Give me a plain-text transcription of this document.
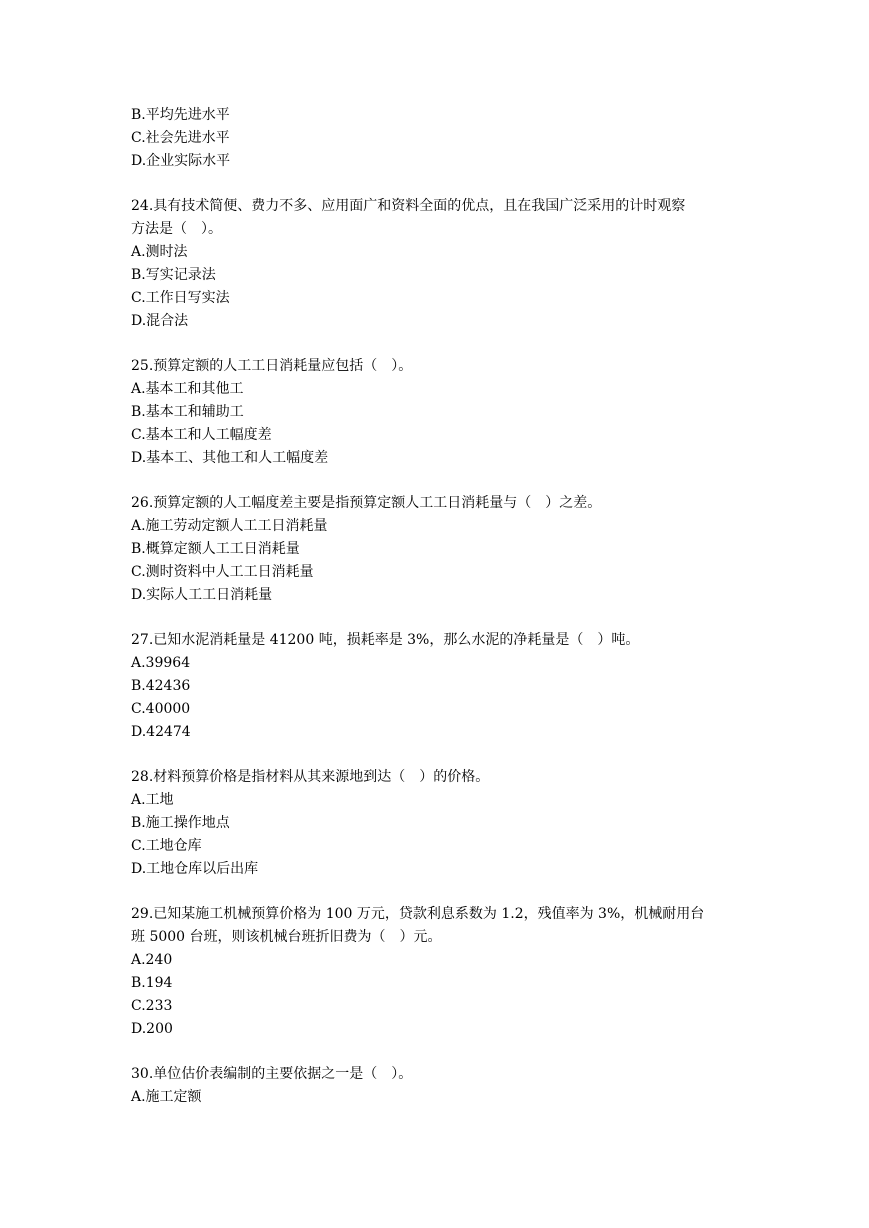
B.平均先进水平
C.社会先进水平
D.企业实际水平
24.具有技术简便、费力不多、应用面广和资料全面的优点，且在我国广泛采用的计时观察
方法是（　）。
A.测时法
B.写实记录法
C.工作日写实法
D.混合法
25.预算定额的人工工日消耗量应包括（　）。
A.基本工和其他工
B.基本工和辅助工
C.基本工和人工幅度差
D.基本工、其他工和人工幅度差
26.预算定额的人工幅度差主要是指预算定额人工工日消耗量与（　）之差。
A.施工劳动定额人工工日消耗量
B.概算定额人工工日消耗量
C.测时资料中人工工日消耗量
D.实际人工工日消耗量
27.已知水泥消耗量是 41200 吨，损耗率是 3%，那么水泥的净耗量是（　）吨。
A.39964
B.42436
C.40000
D.42474
28.材料预算价格是指材料从其来源地到达（　）的价格。
A.工地
B.施工操作地点
C.工地仓库
D.工地仓库以后出库
29.已知某施工机械预算价格为 100 万元，贷款利息系数为 1.2，残值率为 3%，机械耐用台
班 5000 台班，则该机械台班折旧费为（　）元。
A.240
B.194
C.233
D.200
30.单位估价表编制的主要依据之一是（　）。
A.施工定额
